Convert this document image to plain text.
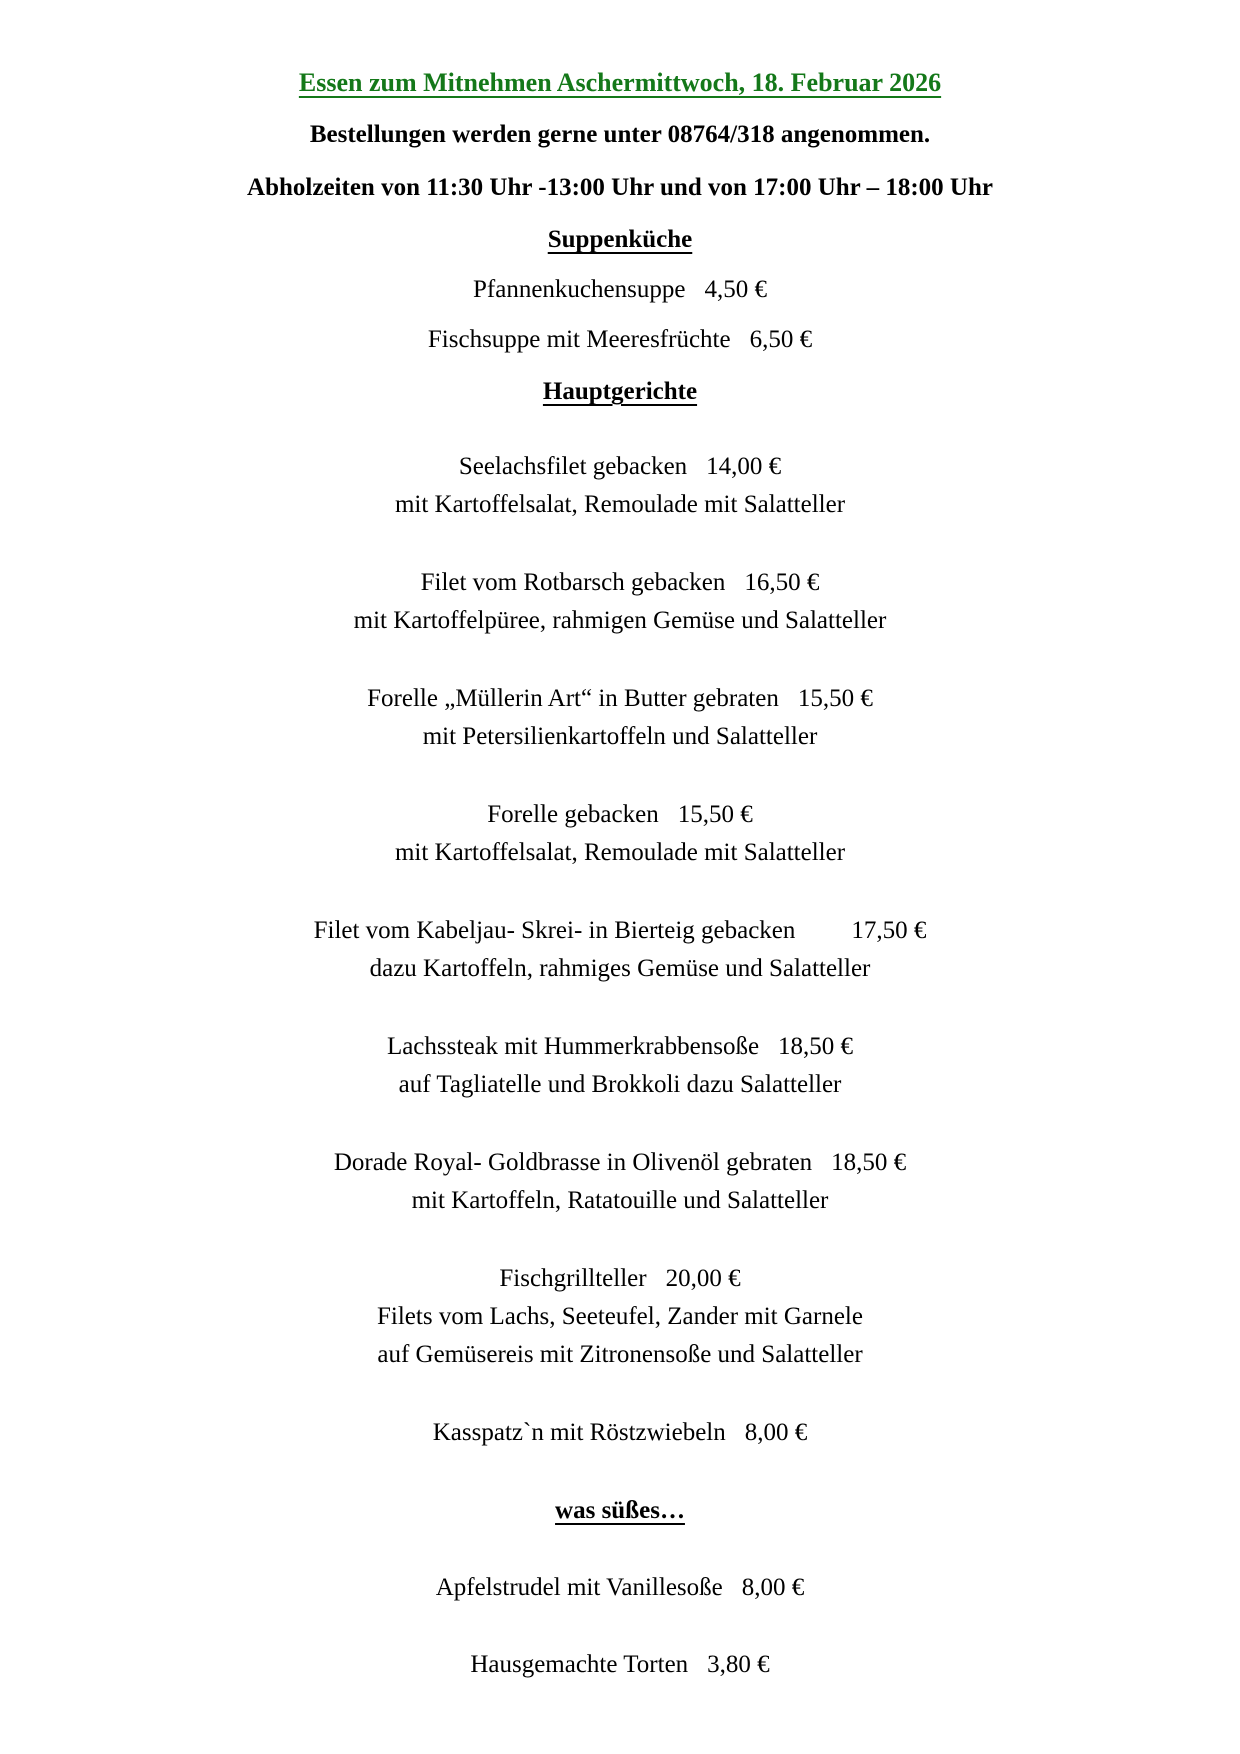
Essen zum Mitnehmen Aschermittwoch, 18. Februar 2026

Bestellungen werden gerne unter 08764/318 angenommen.

Abholzeiten von 11:30 Uhr -13:00 Uhr und von 17:00 Uhr – 18:00 Uhr

Suppenküche
Pfannenkuchensuppe 4,50 €
Fischsuppe mit Meeresfrüchte 6,50 €
Hauptgerichte
Seelachsfilet gebacken 14,00 €
mit Kartoffelsalat, Remoulade mit Salatteller
Filet vom Rotbarsch gebacken 16,50 €
mit Kartoffelpüree, rahmigen Gemüse und Salatteller
Forelle „Müllerin Art“ in Butter gebraten 15,50 €
mit Petersilienkartoffeln und Salatteller
Forelle gebacken 15,50 €
mit Kartoffelsalat, Remoulade mit Salatteller
Filet vom Kabeljau- Skrei- in Bierteig gebacken 17,50 €
dazu Kartoffeln, rahmiges Gemüse und Salatteller
Lachssteak mit Hummerkrabbensoße 18,50 €
auf Tagliatelle und Brokkoli dazu Salatteller
Dorade Royal- Goldbrasse in Olivenöl gebraten 18,50 €
mit Kartoffeln, Ratatouille und Salatteller
Fischgrillteller 20,00 €
Filets vom Lachs, Seeteufel, Zander mit Garnele
auf Gemüsereis mit Zitronensoße und Salatteller
Kasspatz`n mit Röstzwiebeln 8,00 €
was süßes…
Apfelstrudel mit Vanillesoße 8,00 €
Hausgemachte Torten 3,80 €
